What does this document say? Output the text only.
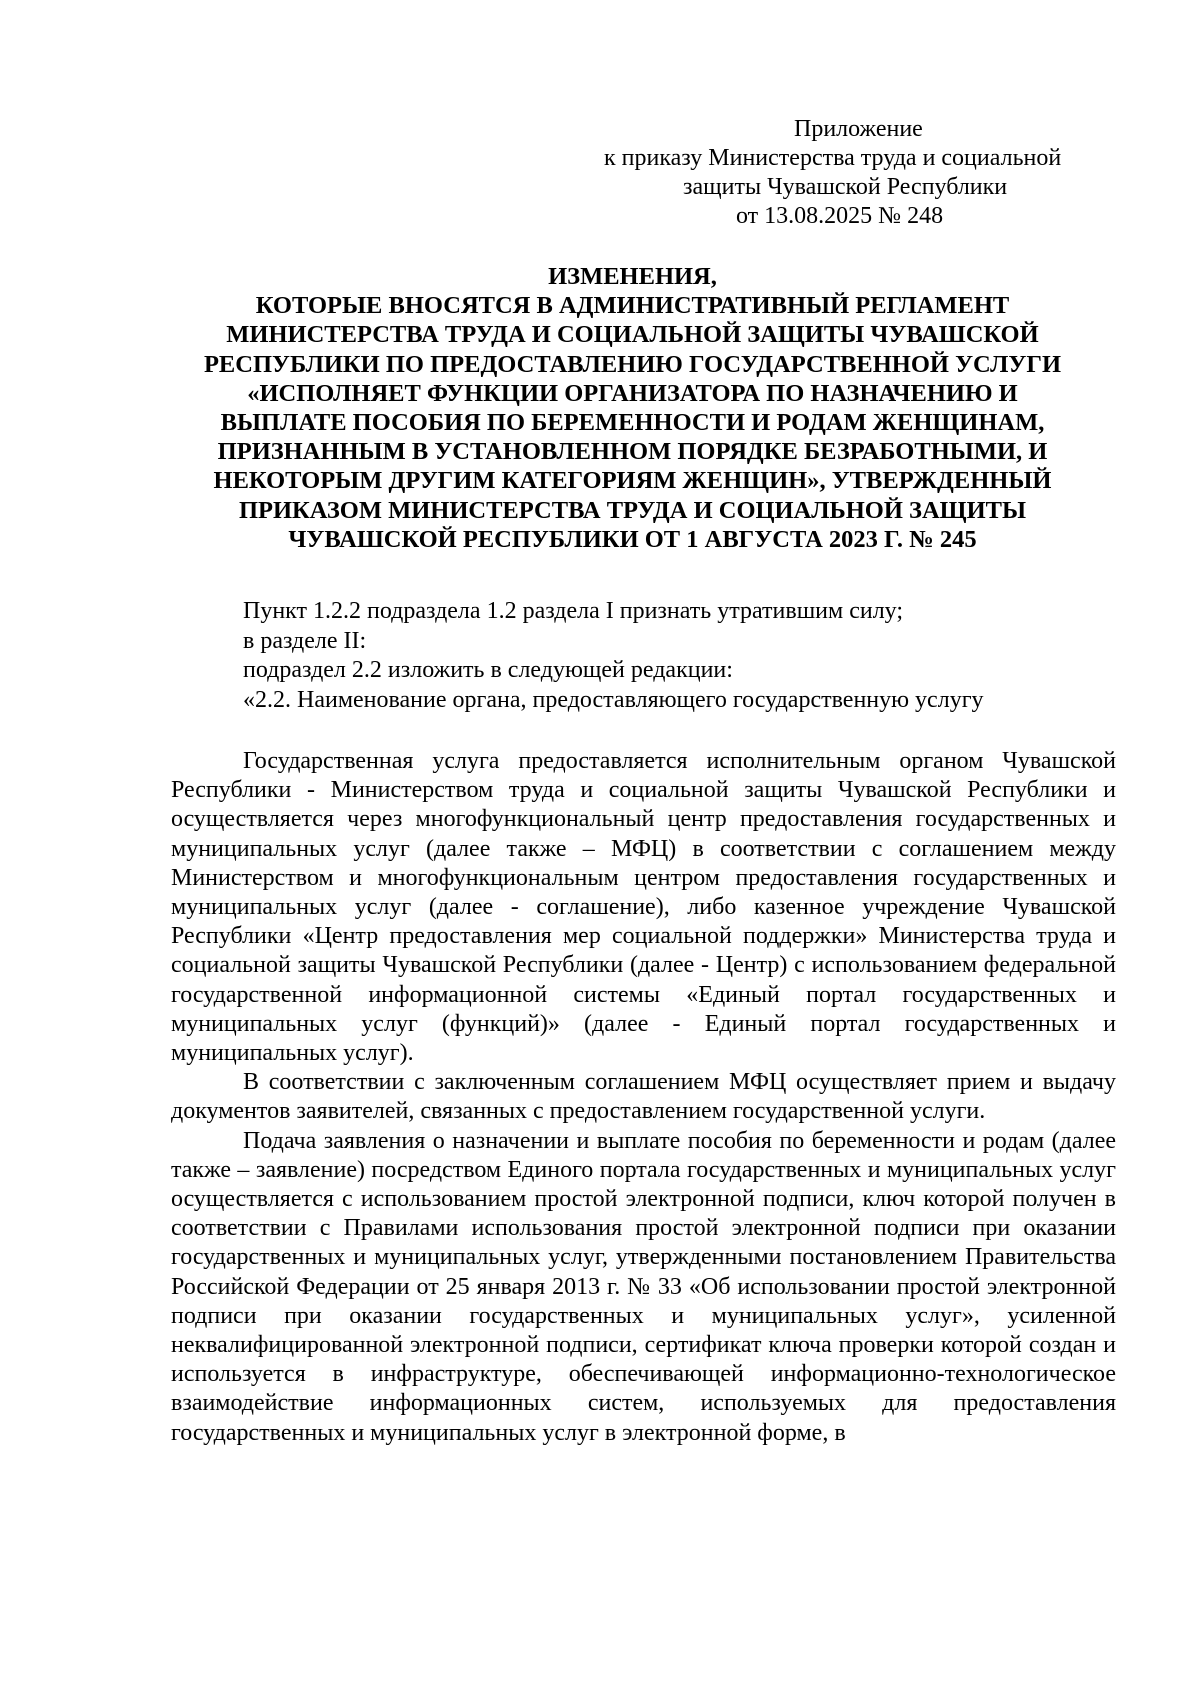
Приложение
к приказу Министерства труда и социальной
защиты Чувашской Республики
от 13.08.2025 № 248
ИЗМЕНЕНИЯ,
КОТОРЫЕ ВНОСЯТСЯ В АДМИНИСТРАТИВНЫЙ РЕГЛАМЕНТ
МИНИСТЕРСТВА ТРУДА И СОЦИАЛЬНОЙ ЗАЩИТЫ ЧУВАШСКОЙ
РЕСПУБЛИКИ ПО ПРЕДОСТАВЛЕНИЮ ГОСУДАРСТВЕННОЙ УСЛУГИ
«ИСПОЛНЯЕТ ФУНКЦИИ ОРГАНИЗАТОРА ПО НАЗНАЧЕНИЮ И
ВЫПЛАТЕ ПОСОБИЯ ПО БЕРЕМЕННОСТИ И РОДАМ ЖЕНЩИНАМ,
ПРИЗНАННЫМ В УСТАНОВЛЕННОМ ПОРЯДКЕ БЕЗРАБОТНЫМИ, И
НЕКОТОРЫМ ДРУГИМ КАТЕГОРИЯМ ЖЕНЩИН», УТВЕРЖДЕННЫЙ
ПРИКАЗОМ МИНИСТЕРСТВА ТРУДА И СОЦИАЛЬНОЙ ЗАЩИТЫ
ЧУВАШСКОЙ РЕСПУБЛИКИ ОТ 1 АВГУСТА 2023 Г. № 245
Пункт 1.2.2 подраздела 1.2 раздела I признать утратившим силу;
в разделе II:
подраздел 2.2 изложить в следующей редакции:
«2.2. Наименование органа, предоставляющего государственную услугу

Государственная услуга предоставляется исполнительным органом Чувашской Республики - Министерством труда и социальной защиты Чувашской Республики и осуществляется через многофункциональный центр предоставления государственных и муниципальных услуг (далее также – МФЦ) в соответствии с соглашением между Министерством и многофункциональным центром предоставления государственных и муниципальных услуг (далее - соглашение), либо казенное учреждение Чувашской Республики «Центр предоставления мер социальной поддержки» Министерства труда и социальной защиты Чувашской Республики (далее - Центр) с использованием федеральной государственной информационной системы «Единый портал государственных и муниципальных услуг (функций)» (далее - Единый портал государственных и муниципальных услуг).

В соответствии с заключенным соглашением МФЦ осуществляет прием и выдачу документов заявителей, связанных с предоставлением государственной услуги.

Подача заявления о назначении и выплате пособия по беременности и родам (далее также – заявление) посредством Единого портала государственных и муниципальных услуг осуществляется с использованием простой электронной подписи, ключ которой получен в соответствии с Правилами использования простой электронной подписи при оказании государственных и муниципальных услуг, утвержденными постановлением Правительства Российской Федерации от 25 января 2013 г. № 33 «Об использовании простой электронной подписи при оказании государственных и муниципальных услуг», усиленной неквалифицированной электронной подписи, сертификат ключа проверки которой создан и используется в инфраструктуре, обеспечивающей информационно-технологическое взаимодействие информационных систем, используемых для предоставления государственных и муниципальных услуг в электронной форме, в
